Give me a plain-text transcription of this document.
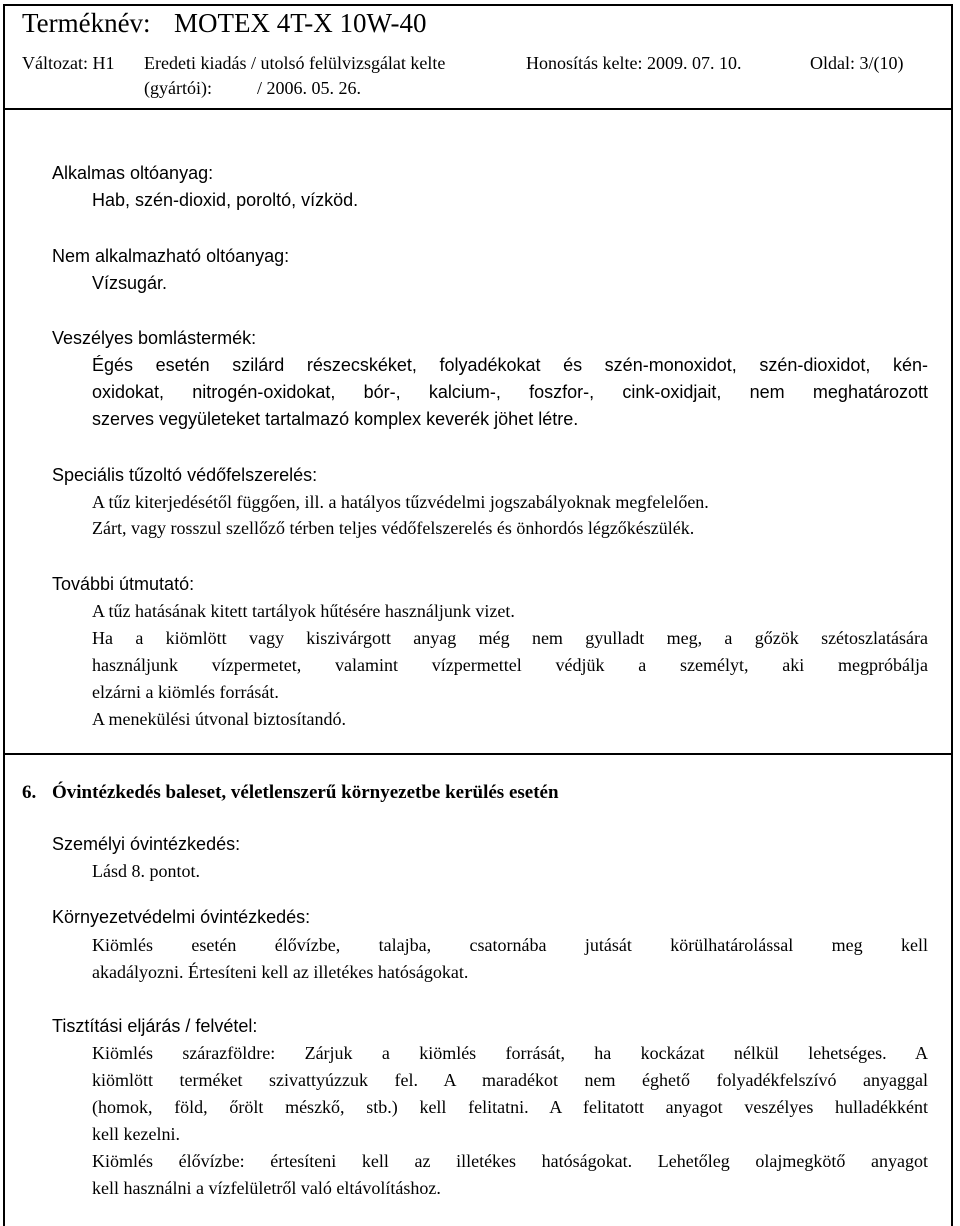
Terméknév: MOTEX 4T-X 10W-40
Változat: H1 Eredeti kiadás / utolsó felülvizsgálat kelte	Honosítás kelte: 2009. 07. 10.	Oldal: 3/(10)
(gyártói):	/ 2006. 05. 26.
Alkalmas oltóanyag:
Hab, szén-dioxid, poroltó, vízköd.
Nem alkalmazható oltóanyag:
Vízsugár.
Veszélyes bomlástermék:
Égés esetén szilárd részecskéket, folyadékokat és szén-monoxidot, szén-dioxidot, kén-
oxidokat, nitrogén-oxidokat, bór-, kalcium-, foszfor-, cink-oxidjait, nem meghatározott
szerves vegyületeket tartalmazó komplex keverék jöhet létre.
Speciális tűzoltó védőfelszerelés:
A tűz kiterjedésétől függően, ill. a hatályos tűzvédelmi jogszabályoknak megfelelően.
Zárt, vagy rosszul szellőző térben teljes védőfelszerelés és önhordós légzőkészülék.
További útmutató:
A tűz hatásának kitett tartályok hűtésére használjunk vizet.
Ha a kiömlött vagy kiszivárgott anyag még nem gyulladt meg, a gőzök szétoszlatására
használjunk vízpermetet, valamint vízpermettel védjük a személyt, aki megpróbálja
elzárni a kiömlés forrását.
A menekülési útvonal biztosítandó.
6. Óvintézkedés baleset, véletlenszerű környezetbe kerülés esetén
Személyi óvintézkedés:
Lásd 8. pontot.
Környezetvédelmi óvintézkedés:
Kiömlés esetén élővízbe, talajba, csatornába jutását körülhatárolással meg kell
akadályozni. Értesíteni kell az illetékes hatóságokat.
Tisztítási eljárás / felvétel:
Kiömlés szárazföldre: Zárjuk a kiömlés forrását, ha kockázat nélkül lehetséges. A
kiömlött terméket szivattyúzzuk fel. A maradékot nem éghető folyadékfelszívó anyaggal
(homok, föld, őrölt mészkő, stb.) kell felitatni. A felitatott anyagot veszélyes hulladékként
kell kezelni.
Kiömlés élővízbe: értesíteni kell az illetékes hatóságokat. Lehetőleg olajmegkötő anyagot
kell használni a vízfelületről való eltávolításhoz.
